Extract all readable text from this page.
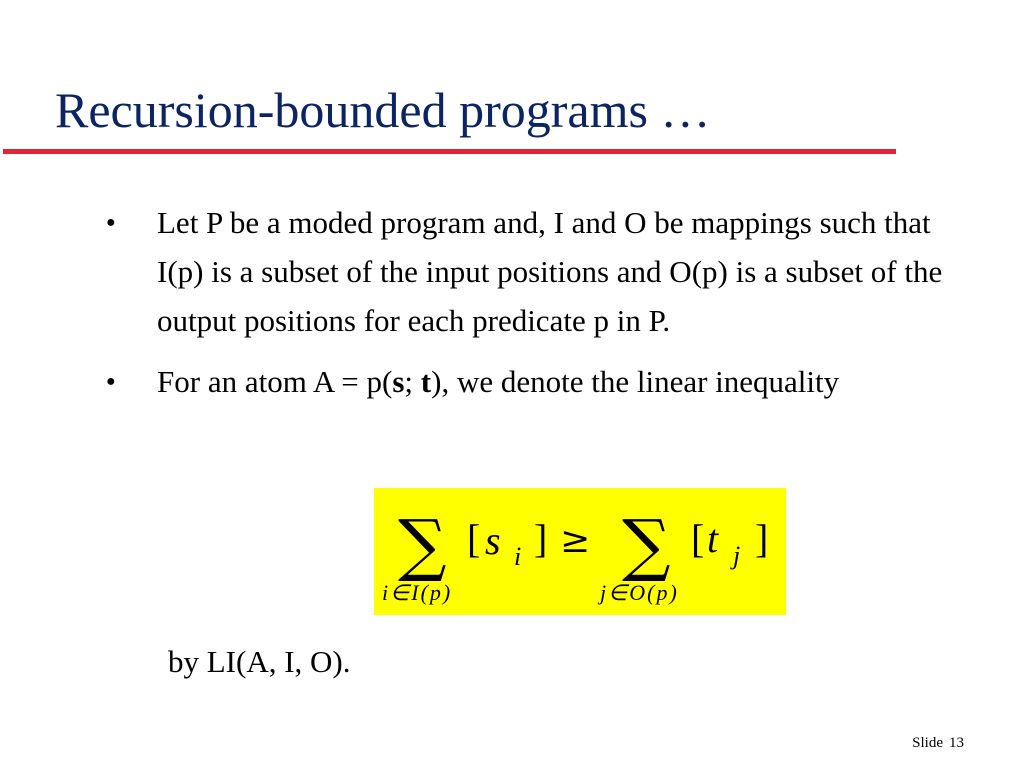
Recursion-bounded programs …
● Let P be a moded program and, I and O be mappings such that I(p) is a subset of the input positions and O(p) is a subset of the output positions for each predicate p in P.
● For an atom A = p(s; t), we denote the linear inequality
∑ [ s i ] ≥ ∑ [ t j ]
i∈I(p)	j∈O(p)
by LI(A, I, O).
Slide 13
